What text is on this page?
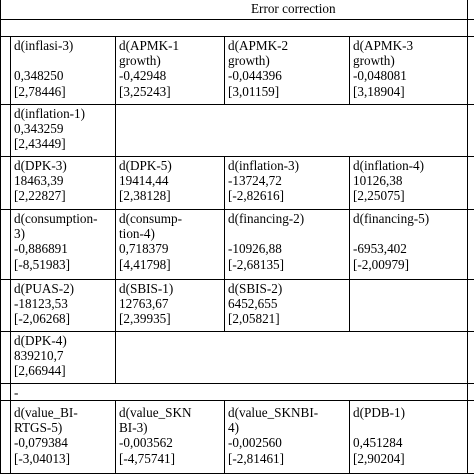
Error correction
d(inflasi-3)

0,348250
[2,78446]
d(APMK-1
growth)
-0,42948
[3,25243]
d(APMK-2
growth)
-0,044396
[3,01159]
d(APMK-3
growth)
-0,048081
[3,18904]
d(inflation-1)
0,343259
[2,43449]
d(DPK-3)
18463,39
[2,22827]
d(DPK-5)
19414,44
[2,38128]
d(inflation-3)
-13724,72
[-2,82616]
d(inflation-4)
10126,38
[2,25075]
d(consumption-
3)
-0,886891
[-8,51983]
d(consump-
tion-4)
0,718379
[4,41798]
d(financing-2)

-10926,88
[-2,68135]
d(financing-5)

-6953,402
[-2,00979]
d(PUAS-2)
-18123,53
[-2,06268]
d(SBIS-1)
12763,67
[2,39935]
d(SBIS-2)
6452,655
[2,05821]
d(DPK-4)
839210,7
[2,66944]
-
d(value_BI-
RTGS-5)
-0,079384
[-3,04013]
d(value_SKN
BI-3)
-0,003562
[-4,75741]
d(value_SKNBI-
4)
-0,002560
[-2,81461]
d(PDB-1)

0,451284
[2,90204]
